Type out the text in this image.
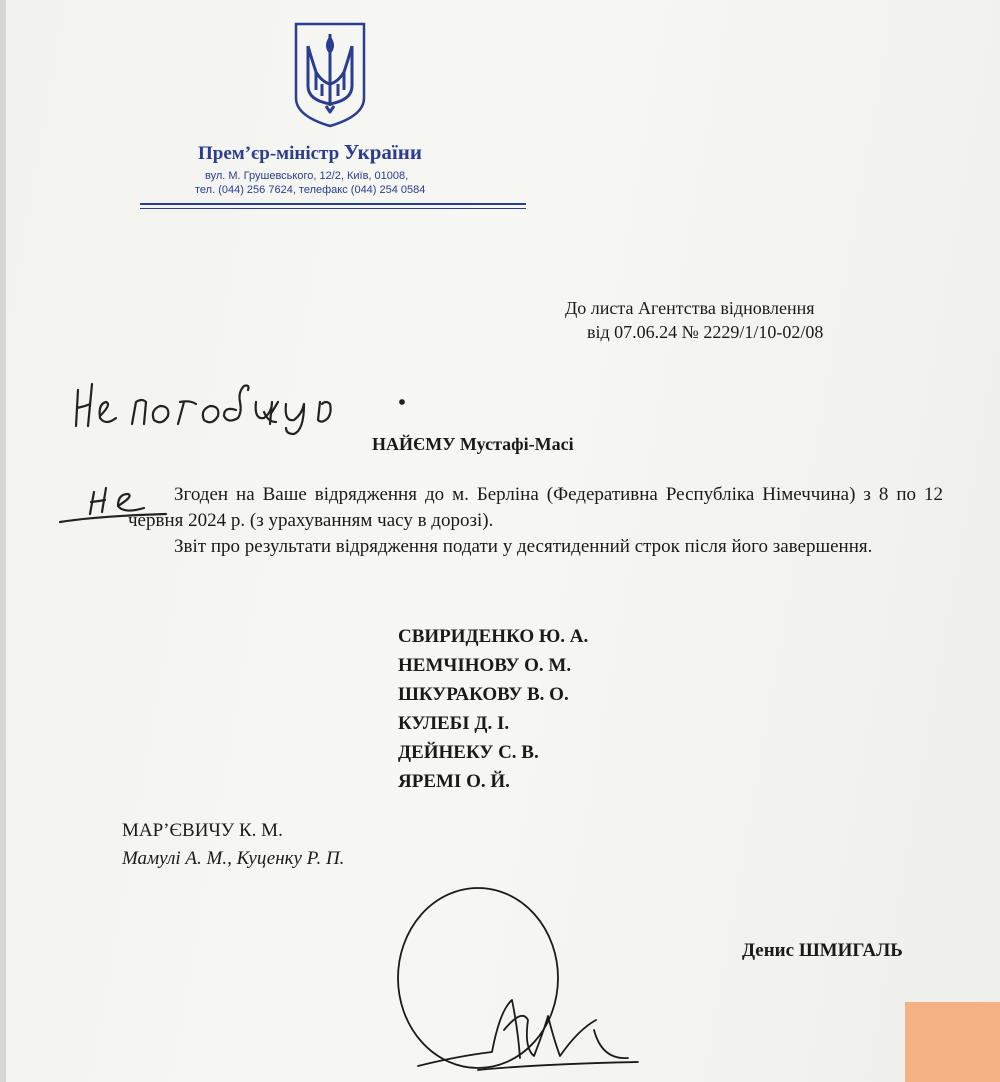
Прем’єр-міністр України
вул. М. Грушевського, 12/2, Київ, 01008,
тел. (044) 256 7624, телефакс (044) 254 0584
До листа Агентства відновлення
від 07.06.24 № 2229/1/10-02/08
НАЙЄМУ Мустафі-Масі

Згоден на Ваше відрядження до м. Берліна (Федеративна Республіка Німеччина) з 8 по 12 червня 2024 р. (з урахуванням часу в дорозі).

Звіт про результати відрядження подати у десятиденний строк після його завершення.

СВИРИДЕНКО Ю. А.
НЕМЧІНОВУ О. М.
ШКУРАКОВУ В. О.
КУЛЕБІ Д. І.
ДЕЙНЕКУ С. В.
ЯРЕМІ О. Й.
МАР’ЄВИЧУ К. М.
Мамулі А. М., Куценку Р. П.
Денис ШМИГАЛЬ
